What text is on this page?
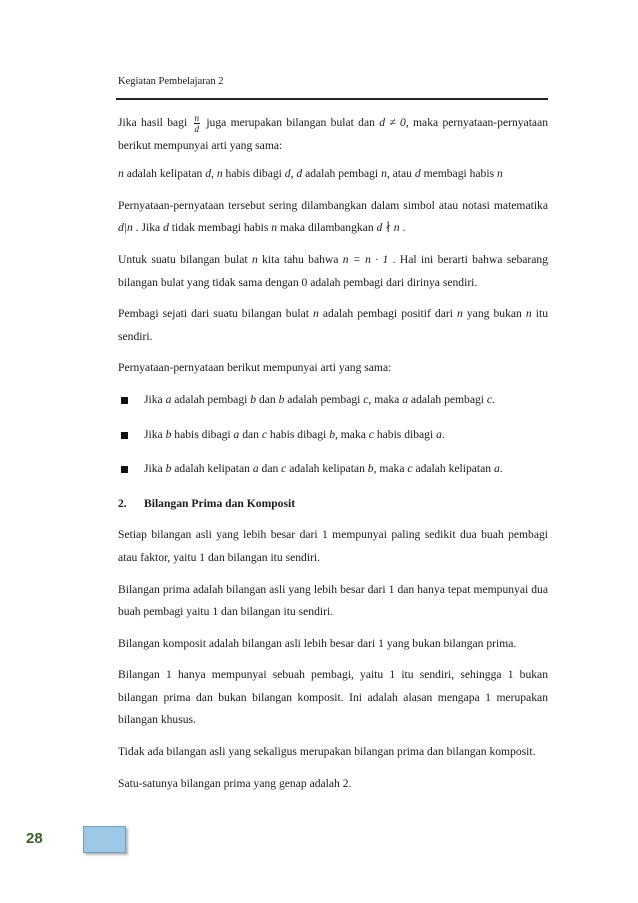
Kegiatan Pembelajaran 2

Jika hasil bagi $\frac{n}{d}$ juga merupakan bilangan bulat dan d ≠ 0, maka pernyataan-pernyataan berikut mempunyai arti yang sama:

n adalah kelipatan d, n habis dibagi d, d adalah pembagi n, atau d membagi habis n

Pernyataan-pernyataan tersebut sering dilambangkan dalam simbol atau notasi matematika d|n . Jika d tidak membagi habis n maka dilambangkan d ∤ n .

Untuk suatu bilangan bulat n kita tahu bahwa n = n · 1 . Hal ini berarti bahwa sebarang bilangan bulat yang tidak sama dengan 0 adalah pembagi dari dirinya sendiri.

Pembagi sejati dari suatu bilangan bulat n adalah pembagi positif dari n yang bukan n itu sendiri.

Pernyataan-pernyataan berikut mempunyai arti yang sama:

Jika a adalah pembagi b dan b adalah pembagi c, maka a adalah pembagi c.
Jika b habis dibagi a dan c habis dibagi b, maka c habis dibagi a.
Jika b adalah kelipatan a dan c adalah kelipatan b, maka c adalah kelipatan a.

2. Bilangan Prima dan Komposit

Setiap bilangan asli yang lebih besar dari 1 mempunyai paling sedikit dua buah pembagi atau faktor, yaitu 1 dan bilangan itu sendiri.

Bilangan prima adalah bilangan asli yang lebih besar dari 1 dan hanya tepat mempunyai dua buah pembagi yaitu 1 dan bilangan itu sendiri.

Bilangan komposit adalah bilangan asli lebih besar dari 1 yang bukan bilangan prima.

Bilangan 1 hanya mempunyai sebuah pembagi, yaitu 1 itu sendiri, sehingga 1 bukan bilangan prima dan bukan bilangan komposit. Ini adalah alasan mengapa 1 merupakan bilangan khusus.

Tidak ada bilangan asli yang sekaligus merupakan bilangan prima dan bilangan komposit.

Satu-satunya bilangan prima yang genap adalah 2.

28
